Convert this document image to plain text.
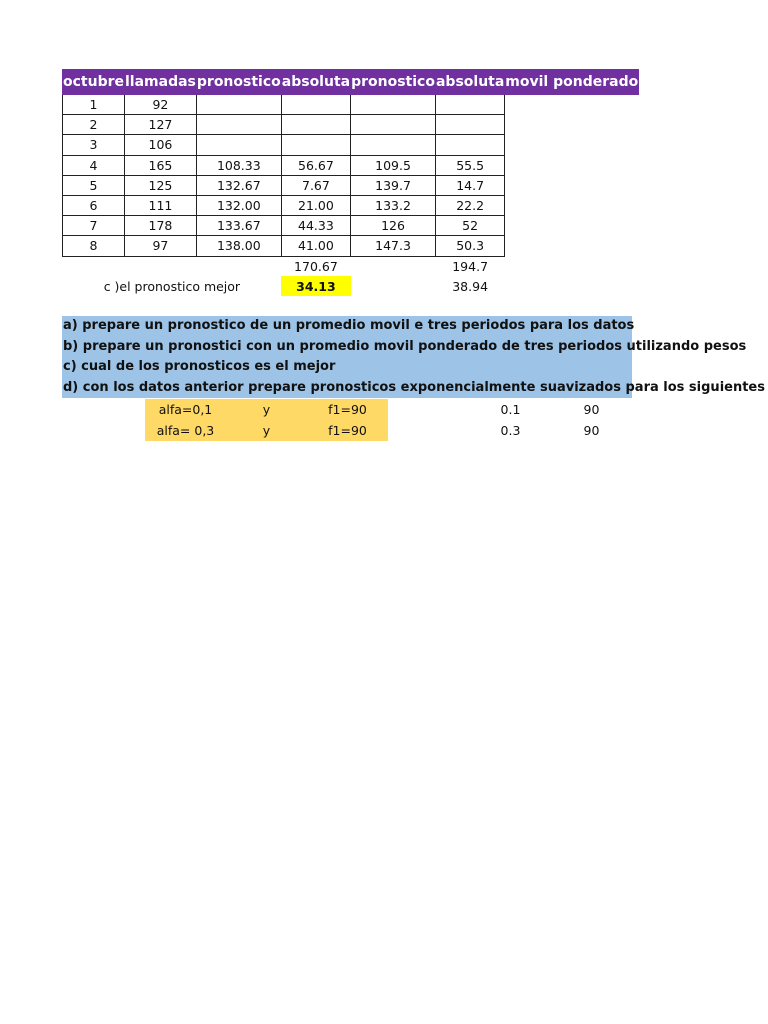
octubre	llamadas	pronostico	absoluta	pronostico	absoluta	movil ponderado
1	92					
2	127					
3	106					
4	165	108.33	56.67	109.5	55.5	
5	125	132.67	7.67	139.7	14.7	
6	111	132.00	21.00	133.2	22.2	
7	178	133.67	44.33	126	52	
8	97	138.00	41.00	147.3	50.3	
			170.67		194.7	
c )el pronostico mejor			34.13		38.94	
a) prepare un pronostico de un promedio movil e tres periodos para los datos
b) prepare un pronostici con un promedio movil ponderado de tres periodos utilizando pesos
c) cual de los pronosticos es el mejor
d) con los datos anterior prepare pronosticos exponencialmente suavizados para los siguientes
	alfa=0,1	y	f1=90		0.1	90
	alfa= 0,3	y	f1=90		0.3	90
